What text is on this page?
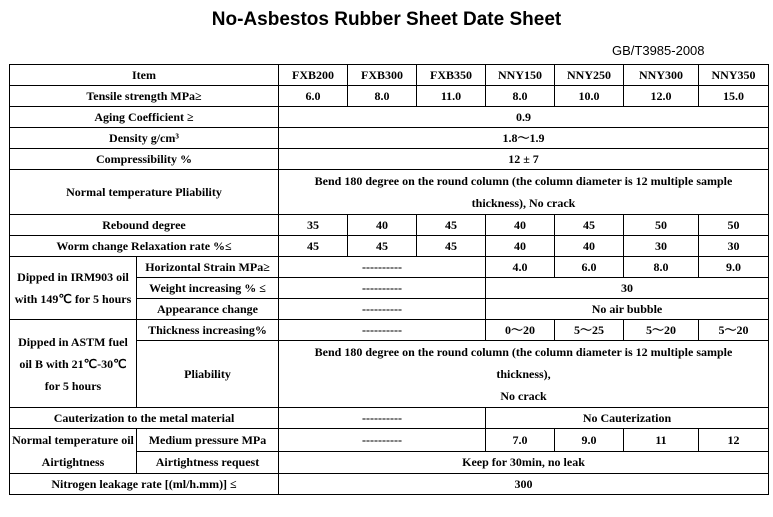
No-Asbestos Rubber Sheet Date Sheet
GB/T3985-2008
Item		FXB200	FXB300	FXB350	NNY150	NNY250	NNY300	NNY350
Tensile strength MPa≥		6.0	8.0	11.0	8.0	10.0	12.0	15.0
Aging Coefficient ≥		0.9						
Density g/cm³		1.8～1.9						
Compressibility %		12 ± 7						
Normal temperature Pliability		Bend 180 degree on the round column (the column diameter is 12 multiple sample thickness), No crack						
Rebound degree		35	40	45	40	45	50	50
Worm change Relaxation rate %≤		45	45	45	40	40	30	30
Dipped in IRM903 oil with 149℃ for 5 hours	Horizontal Strain MPa≥	----------			4.0	6.0	8.0	9.0
	Weight increasing % ≤	----------			30			
	Appearance change	----------			No air bubble			
Dipped in ASTM fuel oil B with 21℃-30℃ for 5 hours	Thickness increasing%	----------			0～20	5～25	5～20	5～20
	Pliability	Bend 180 degree on the round column (the column diameter is 12 multiple sample thickness),
No crack						

Cauterization to the metal material		----------			No Cauterization			
Normal temperature oil Airtightness	Medium pressure MPa	----------			7.0	9.0	11	12
	Airtightness request	Keep for 30min, no leak						
Nitrogen leakage rate [(ml/h.mm)] ≤		300						
